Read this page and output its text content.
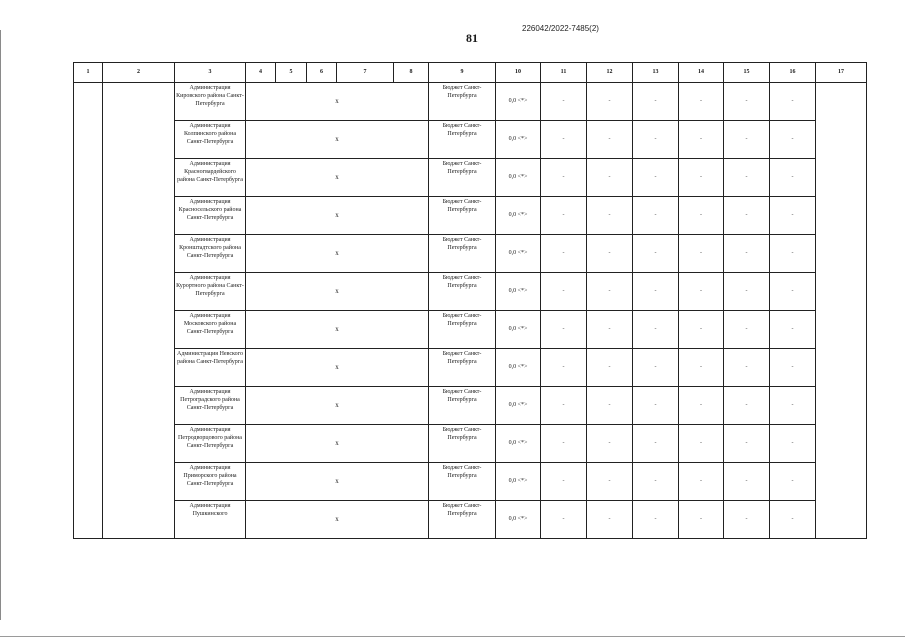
226042/2022-7485(2)
81
1	2	3	4	5	6	7	8	9	10	11	12	13	14	15	16	17
		Администрация Кировского района Санкт-Петербурга	x					Бюджет Санкт-Петербурга	0,0 <*>	-	-	-	-	-	-	
		Администрация Колпинского района Санкт-Петербурга	x					Бюджет Санкт-Петербурга	0,0 <*>	-	-	-	-	-	-	
		Администрация Красногвардейского района Санкт-Петербурга	x					Бюджет Санкт-Петербурга	0,0 <*>	-	-	-	-	-	-	
		Администрация Красносельского района Санкт-Петербурга	x					Бюджет Санкт-Петербурга	0,0 <*>	-	-	-	-	-	-	
		Администрация Кронштадтского района Санкт-Петербурга	x					Бюджет Санкт-Петербурга	0,0 <*>	-	-	-	-	-	-	
		Администрация Курортного района Санкт-Петербурга	x					Бюджет Санкт-Петербурга	0,0 <*>	-	-	-	-	-	-	
		Администрация Московского района Санкт-Петербурга	x					Бюджет Санкт-Петербурга	0,0 <*>	-	-	-	-	-	-	
		Администрация Невского района Санкт-Петербурга	x					Бюджет Санкт-Петербурга	0,0 <*>	-	-	-	-	-	-	
		Администрация Петроградского района Санкт-Петербурга	x					Бюджет Санкт-Петербурга	0,0 <*>	-	-	-	-	-	-	
		Администрация Петродворцового района Санкт-Петербурга	x					Бюджет Санкт-Петербурга	0,0 <*>	-	-	-	-	-	-	
		Администрация Приморского района Санкт-Петербурга	x					Бюджет Санкт-Петербурга	0,0 <*>	-	-	-	-	-	-	
		Администрация Пушкинского	x					Бюджет Санкт-Петербурга	0,0 <*>	-	-	-	-	-	-	
